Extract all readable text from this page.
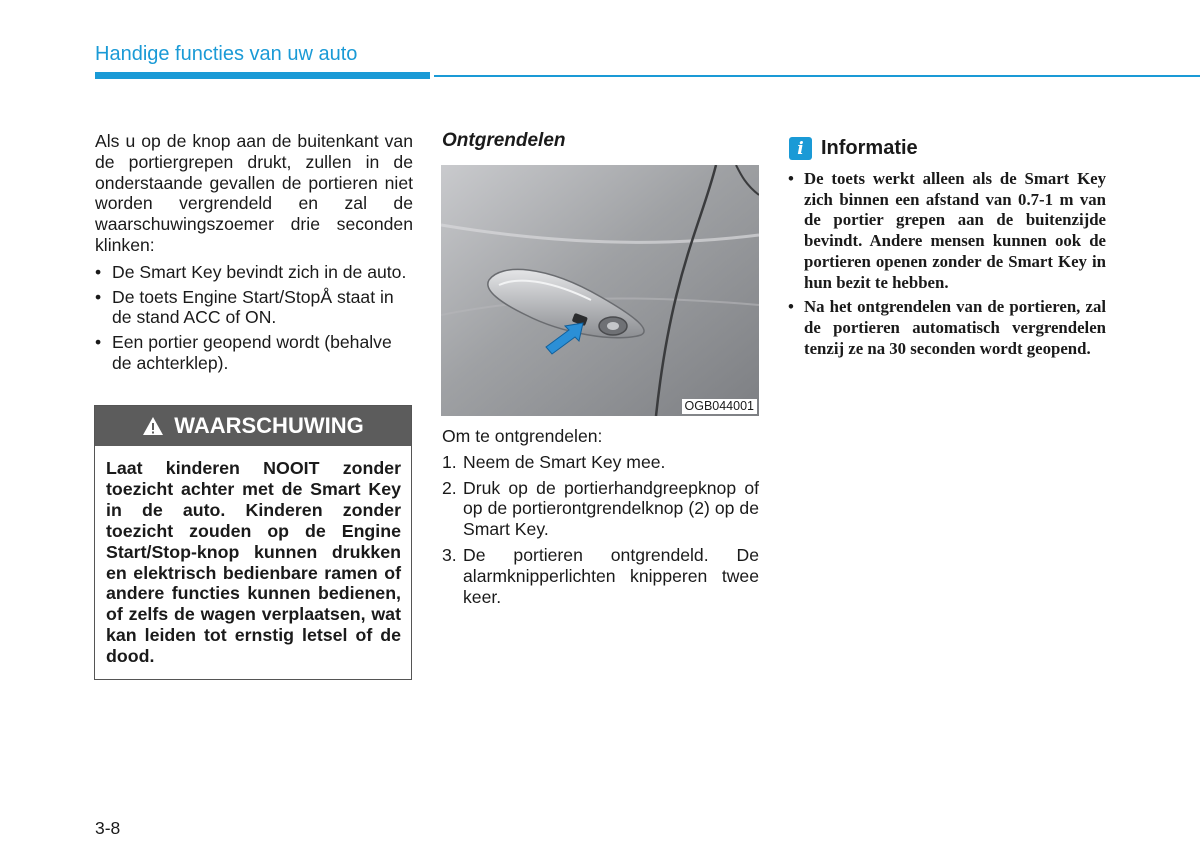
Handige functies van uw auto

Als u op de knop aan de buitenkant van de portiergrepen drukt, zullen in de onderstaande gevallen de portieren niet worden vergrendeld en zal de waarschuwingszoemer drie seconden klinken:

• De Smart Key bevindt zich in de auto.
• De toets Engine Start/StopÅ staat in de stand ACC of ON.
• Een portier geopend wordt (behalve de achterklep).
WAARSCHUWING
Laat kinderen NOOIT zonder toezicht achter met de Smart Key in de auto. Kinderen zonder toezicht zouden op de Engine Start/Stop-knop kunnen drukken en elektrisch bedienbare ramen of andere functies kunnen bedienen, of zelfs de wagen verplaatsen, wat kan leiden tot ernstig letsel of de dood.
Ontgrendelen
OGB044001

Om te ontgrendelen:

1. Neem de Smart Key mee.
2. Druk op de portierhandgreepknop of op de portierontgrendelknop (2) op de Smart Key.
3. De portieren ontgrendeld. De alarmknipperlichten knipperen twee keer.
i Informatie
• De toets werkt alleen als de Smart Key zich binnen een afstand van 0.7-1 m van de portier grepen aan de buitenzijde bevindt. Andere mensen kunnen ook de portieren openen zonder de Smart Key in hun bezit te hebben.
• Na het ontgrendelen van de portieren, zal de portieren automatisch vergrendelen tenzij ze na 30 seconden wordt geopend.
3-8
